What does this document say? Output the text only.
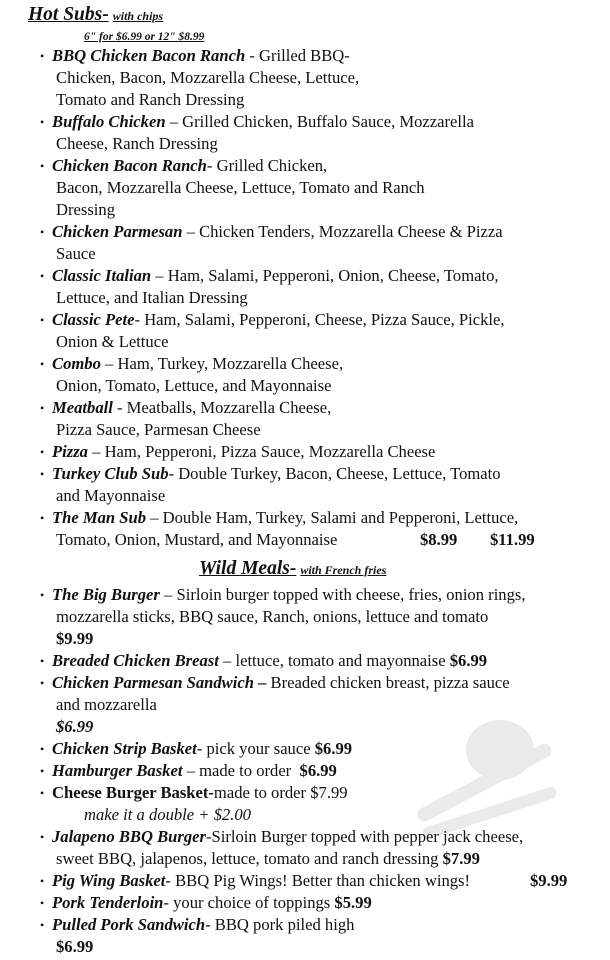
Hot Subs- with chips
6" for $6.99 or 12" $8.99
• BBQ Chicken Bacon Ranch - Grilled BBQ-
Chicken, Bacon, Mozzarella Cheese, Lettuce,
Tomato and Ranch Dressing
• Buffalo Chicken – Grilled Chicken, Buffalo Sauce, Mozzarella
Cheese, Ranch Dressing
• Chicken Bacon Ranch- Grilled Chicken,
Bacon, Mozzarella Cheese, Lettuce, Tomato and Ranch
Dressing
• Chicken Parmesan – Chicken Tenders, Mozzarella Cheese & Pizza
Sauce
• Classic Italian – Ham, Salami, Pepperoni, Onion, Cheese, Tomato,
Lettuce, and Italian Dressing
• Classic Pete- Ham, Salami, Pepperoni, Cheese, Pizza Sauce, Pickle,
Onion & Lettuce
• Combo – Ham, Turkey, Mozzarella Cheese,
Onion, Tomato, Lettuce, and Mayonnaise
• Meatball - Meatballs, Mozzarella Cheese,
Pizza Sauce, Parmesan Cheese
• Pizza – Ham, Pepperoni, Pizza Sauce, Mozzarella Cheese
• Turkey Club Sub- Double Turkey, Bacon, Cheese, Lettuce, Tomato
and Mayonnaise
• The Man Sub – Double Ham, Turkey, Salami and Pepperoni, Lettuce,
Tomato, Onion, Mustard, and Mayonnaise	$8.99 $11.99
Wild Meals- with French fries
• The Big Burger – Sirloin burger topped with cheese, fries, onion rings,
mozzarella sticks, BBQ sauce, Ranch, onions, lettuce and tomato
$9.99
• Breaded Chicken Breast – lettuce, tomato and mayonnaise $6.99
• Chicken Parmesan Sandwich – Breaded chicken breast, pizza sauce
and mozzarella
$6.99
• Chicken Strip Basket- pick your sauce $6.99
• Hamburger Basket – made to order  $6.99
• Cheese Burger Basket-made to order $7.99
make it a double + $2.00
• Jalapeno BBQ Burger-Sirloin Burger topped with pepper jack cheese,
sweet BBQ, jalapenos, lettuce, tomato and ranch dressing $7.99
• Pig Wing Basket- BBQ Pig Wings! Better than chicken wings!	$9.99
• Pork Tenderloin- your choice of toppings $5.99
• Pulled Pork Sandwich- BBQ pork piled high
$6.99
